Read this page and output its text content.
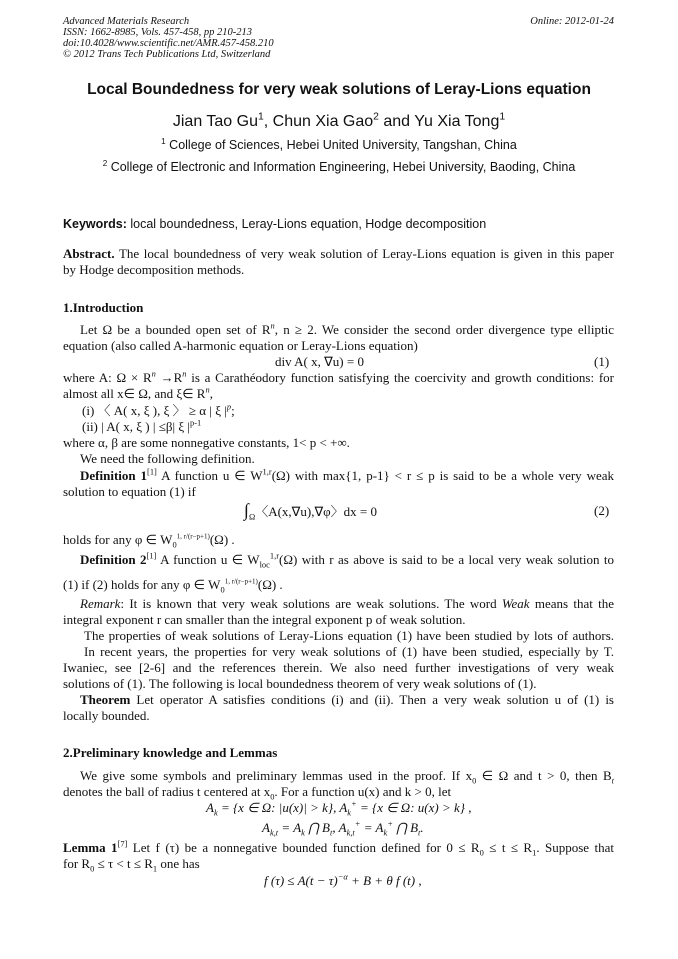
Advanced Materials Research
ISSN: 1662-8985, Vols. 457-458, pp 210-213
doi:10.4028/www.scientific.net/AMR.457-458.210
© 2012 Trans Tech Publications Ltd, Switzerland
Online: 2012-01-24
Local Boundedness for very weak solutions of Leray-Lions equation
Jian Tao Gu$^1$, Chun Xia Gao$^2$ and Yu Xia Tong$^1$
$^1$ College of Sciences, Hebei United University, Tangshan, China
$^2$ College of Electronic and Information Engineering, Hebei University, Baoding, China
Keywords: local boundedness, Leray-Lions equation, Hodge decomposition
Abstract. The local boundedness of very weak solution of Leray-Lions equation is given in this paper
by Hodge decomposition methods.
1.Introduction
Let Ω be a bounded open set of $R^n$, n ≥ 2. We consider the second order divergence type elliptic
equation (also called A-harmonic equation or Leray-Lions equation)
div A( x, ∇u) = 0	(1)
where A: $\Omega \times R^n \to R^n$ is a Carathéodory function satisfying the coercivity and growth conditions: for
almost all x∈ Ω, and ξ∈ $R^n$,
(i) 〈 A( x, ξ ), ξ 〉 ≥ α | ξ $|^p$;
(ii) | A( x, ξ ) | ≤β| ξ $|^{p-1}$
where α, β are some nonnegative constants, 1< p < +∞.
We need the following definition.
Definition 1[1] A function u ∈ W$^{1,r}$(Ω) with max{1, p-1} < r ≤ p is said to be a whole very weak
solution to equation (1) if
$\int_\Omega$〈A(x,∇u),∇φ〉dx = 0	(2)
holds for any φ ∈ $W_0^{1, r/(r-p+1)}(\Omega)$ .
Definition 2[1] A function u ∈ $W_{loc}^{1,r}(\Omega)$ with r as above is said to be a local very weak solution to
(1) if (2) holds for any φ ∈ $W_0^{1, r/(r-p+1)}(\Omega)$ .
Remark: It is known that very weak solutions are weak solutions. The word Weak means that the
integral exponent r can smaller than the integral exponent p of weak solution.
The properties of weak solutions of Leray-Lions equation (1) have been studied by lots of authors.
In recent years, the properties for very weak solutions of (1) have been studied, especially by T.
Iwaniec, see [2-6] and the references therein. We also need further investigations of very weak
solutions of (1). The following is local boundedness theorem of very weak solutions of (1).
Theorem Let operator A satisfies conditions (i) and (ii). Then a very weak solution u of (1) is
locally bounded.
2.Preliminary knowledge and Lemmas
We give some symbols and preliminary lemmas used in the proof. If $x_0$ ∈ Ω and t > 0, then $B_t$
denotes the ball of radius t centered at $x_0$. For a function u(x) and k > 0, let
$A_k = \{x$ ∈ Ω: |u(x)| > k}, $A_k^+ = \{x$ ∈ Ω: u(x) > k} ,
$A_{k,t} = A_k$ ⋂ $B_t$, $A_{k,t}^+ = A_k^+$ ⋂ $B_t$.
Lemma 1[7] Let f (τ) be a nonnegative bounded function defined for $0 \le R_0 \le t \le R_1$. Suppose that
for $R_0 \le \tau < t \le R_1$ one has
f $(\tau) \le A(t - \tau)^{-\alpha} + B + \theta$ f (t) ,
